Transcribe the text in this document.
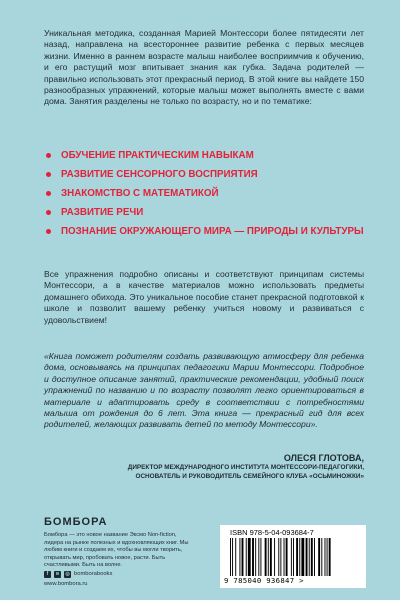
Уникальная методика, созданная Марией Монтессори более пятидесяти лет назад, направлена на всестороннее развитие ребенка с первых месяцев жизни. Именно в раннем возрасте малыш наиболее восприимчив к обучению, и его растущий мозг впитывает знания как губка. Задача родителей — правильно использовать этот прекрасный период. В этой книге вы найдете 150 разнообразных упражнений, которые малыш может выполнять вместе с вами дома. Занятия разделены не только по возрасту, но и по тематике:
ОБУЧЕНИЕ ПРАКТИЧЕСКИМ НАВЫКАМ
РАЗВИТИЕ СЕНСОРНОГО ВОСПРИЯТИЯ
ЗНАКОМСТВО С МАТЕМАТИКОЙ
РАЗВИТИЕ РЕЧИ
ПОЗНАНИЕ ОКРУЖАЮЩЕГО МИРА — ПРИРОДЫ И КУЛЬТУРЫ
Все упражнения подробно описаны и соответствуют принципам системы Монтессори, а в качестве материалов можно использовать предметы домашнего обихода. Это уникальное пособие станет прекрасной подготовкой к школе и позволит вашему ребенку учиться новому и развиваться с удовольствием!
«Книга поможет родителям создать развивающую атмосферу для ребенка дома, основываясь на принципах педагогики Марии Монтессори. Подробное и доступное описание занятий, практические рекомендации, удобный поиск упражнений по названию и по возрасту позволят легко ориентироваться в материале и адаптировать среду в соответствии с потребностями малыша от рождения до 6 лет. Эта книга — прекрасный гид для всех родителей, желающих развивать детей по методу Монтессори».
ОЛЕСЯ ГЛОТОВА,
ДИРЕКТОР МЕЖДУНАРОДНОГО ИНСТИТУТА МОНТЕССОРИ-ПЕДАГОГИКИ,
ОСНОВАТЕЛЬ И РУКОВОДИТЕЛЬ СЕМЕЙНОГО КЛУБА «ОСЬМИНОЖКИ»
БОМБОРА
Бомбора — это новое название Эксмо Non-fiction, лидера на рынке полезных и вдохновляющих книг. Мы любим книги и создаем их, чтобы вы могли творить, открывать мир, пробовать новое, расти. Быть счастливыми. Быть на волне.
f	в	◎ bomborabooks
www.bombora.ru
ISBN 978-5-04-093684-7
9 785040 936847 >
